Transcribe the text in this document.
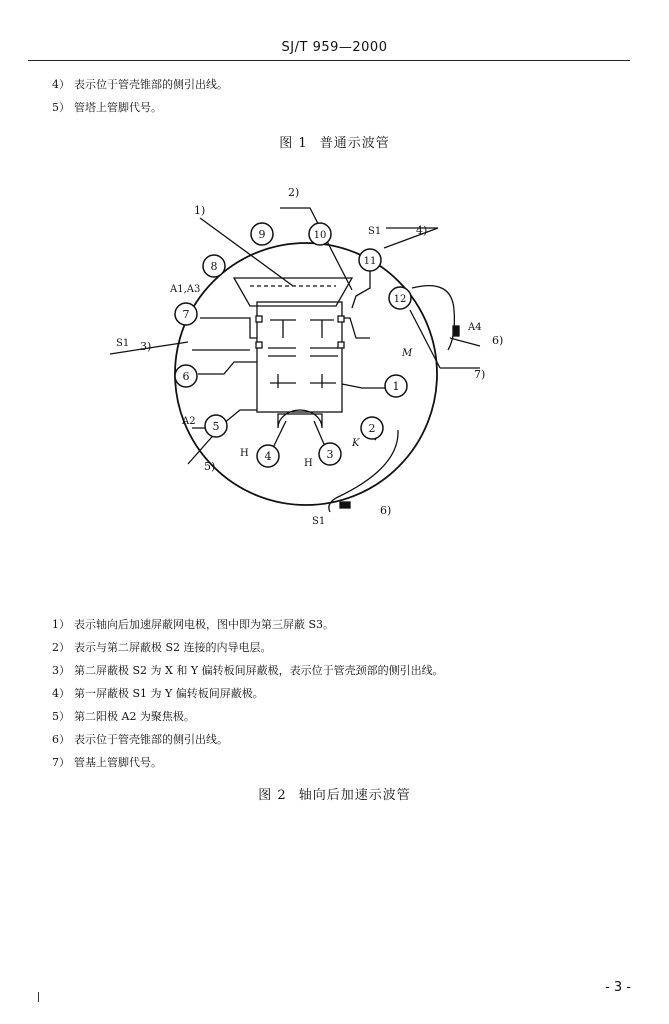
SJ/T 959—2000
4） 表示位于管壳锥部的侧引出线。
5） 管塔上管脚代号。
图 1 普通示波管
1
2
3
4
5
6
7
8
9	10
11
12
A1,A3
A2
A4
M
K
H
H
S1
S1
S1
1)
2)
3)
4)
5)
6)
6)
7)
1） 表示轴向后加速屏蔽网电极，图中即为第三屏蔽 S3。
2） 表示与第二屏蔽极 S2 连接的内导电层。
3） 第二屏蔽极 S2 为 X 和 Y 偏转板间屏蔽极，表示位于管壳颈部的侧引出线。
4） 第一屏蔽极 S1 为 Y 偏转板间屏蔽极。
5） 第二阳极 A2 为聚焦极。
6） 表示位于管壳锥部的侧引出线。
7） 管基上管脚代号。
图 2 轴向后加速示波管
- 3 -
